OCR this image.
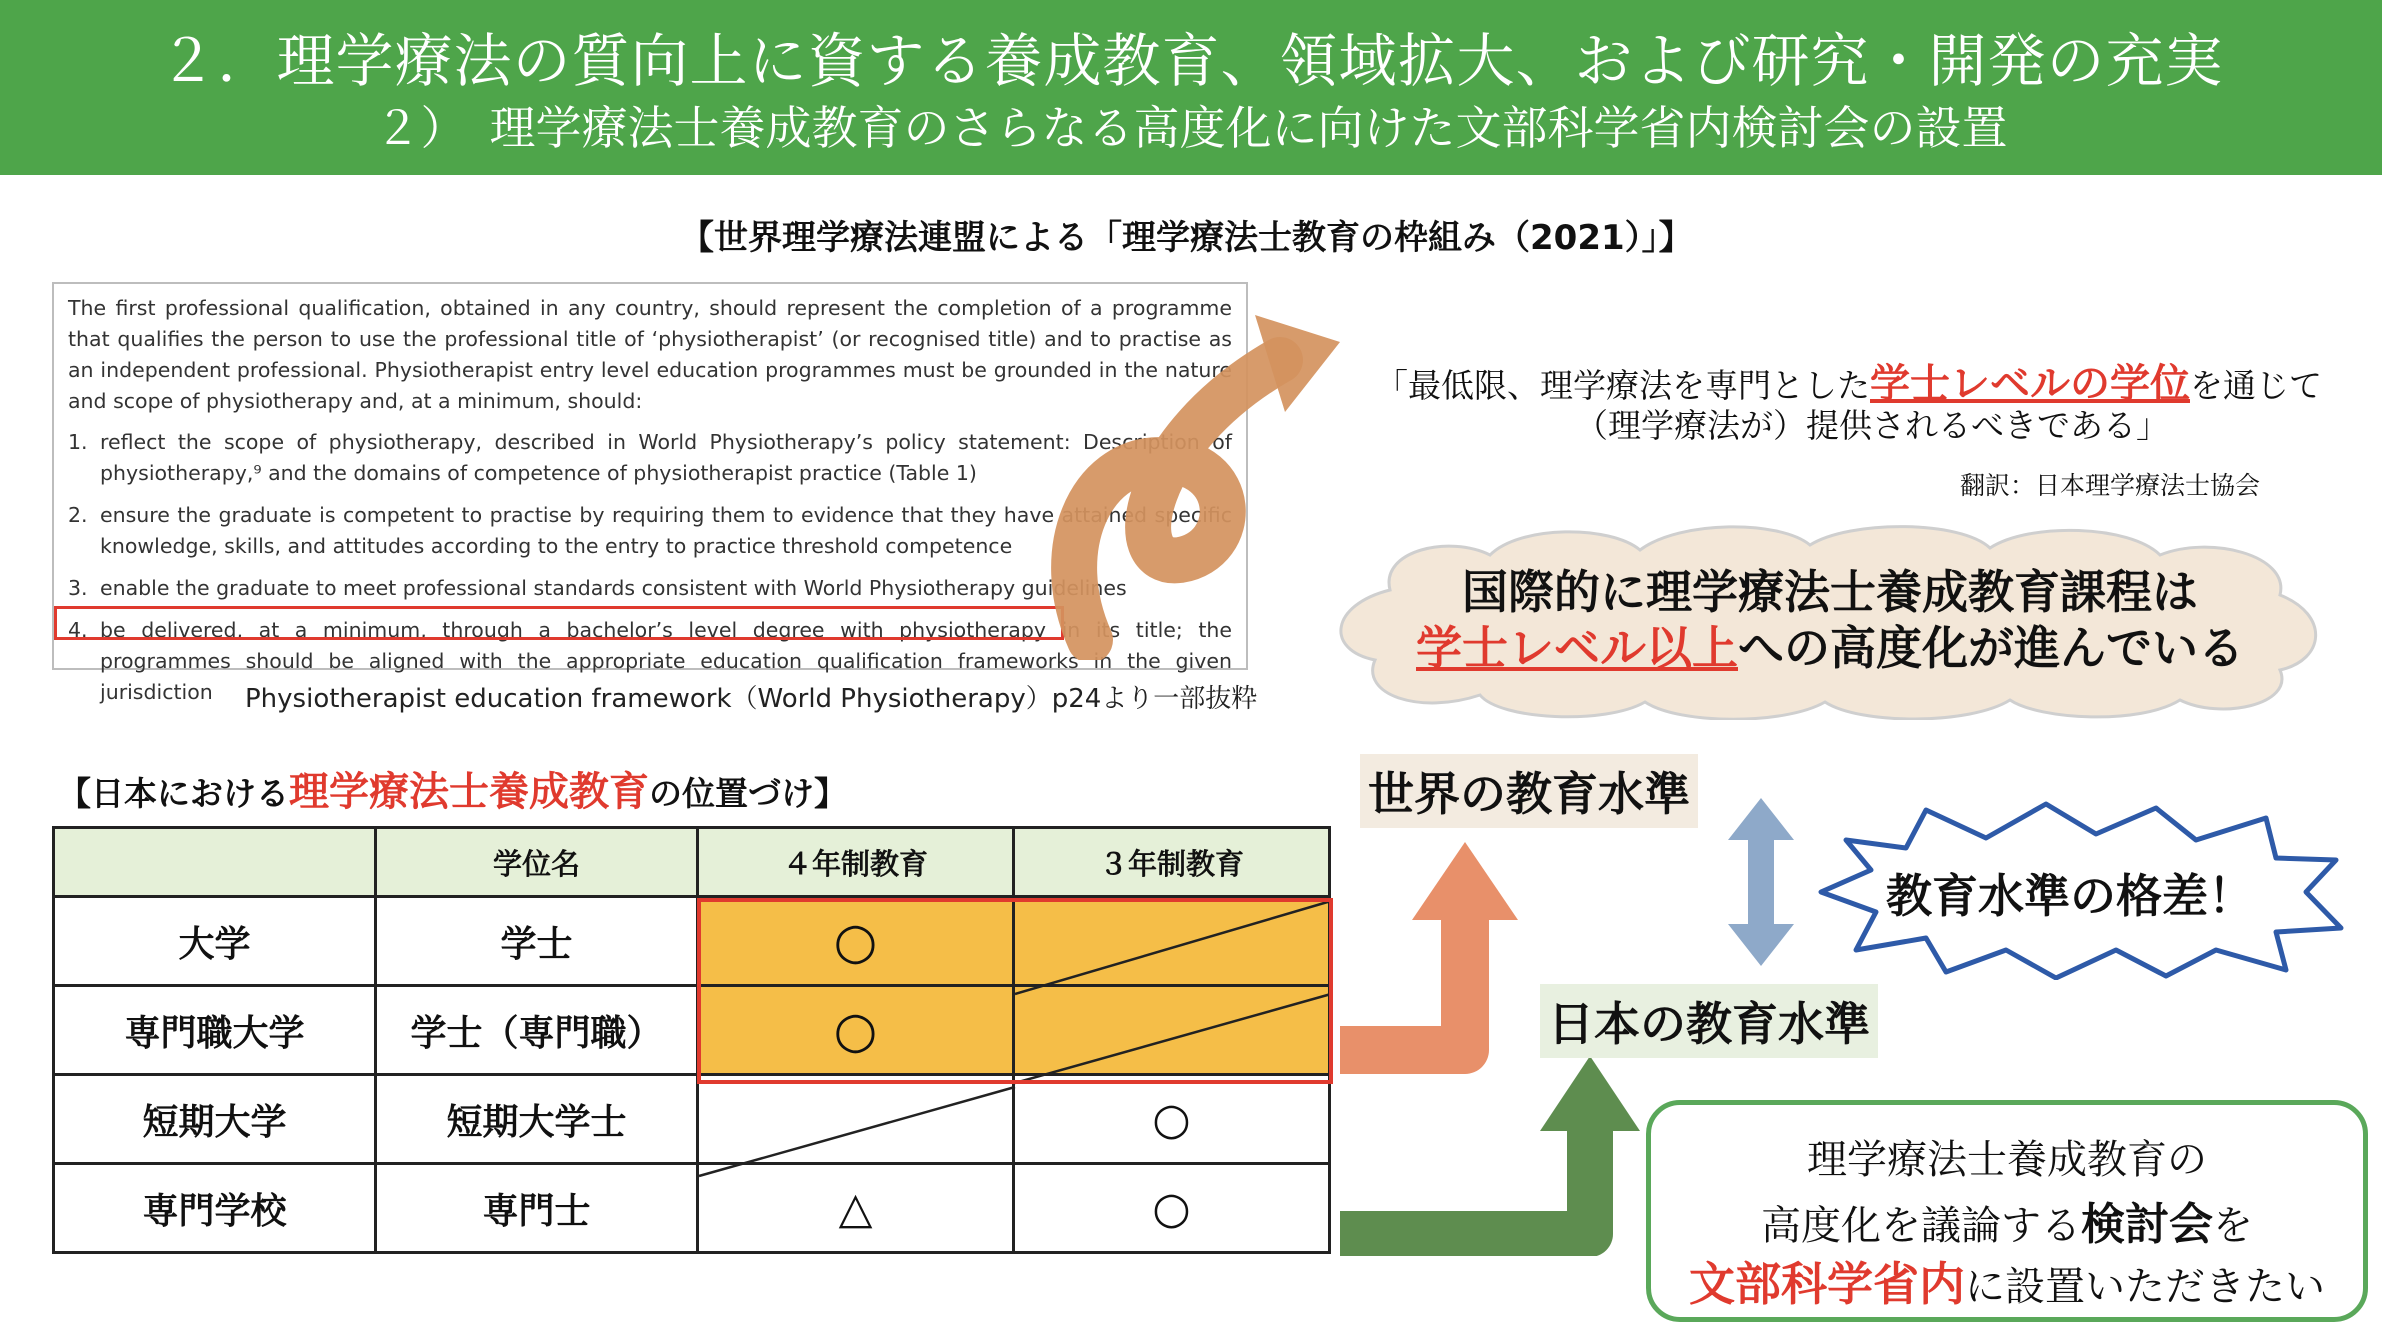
２．理学療法の質向上に資する養成教育、領域拡大、および研究・開発の充実
２）　理学療法士養成教育のさらなる高度化に向けた文部科学省内検討会の設置
【世界理学療法連盟による「理学療法士教育の枠組み（2021）」】

The first professional qualification, obtained in any country, should represent the completion of a programme that qualifies the person to use the professional title of ‘physiotherapist’ (or recognised title) and to practise as an independent professional. Physiotherapist entry level education programmes must be grounded in the nature and scope of physiotherapy and, at a minimum, should:

1. reflect the scope of physiotherapy, described in World Physiotherapy’s policy statement: Description of physiotherapy,⁹ and the domains of competence of physiotherapist practice (Table 1)
2. ensure the graduate is competent to practise by requiring them to evidence that they have attained specific knowledge, skills, and attitudes according to the entry to practice threshold competence
3. enable the graduate to meet professional standards consistent with World Physiotherapy guidelines
4. be delivered, at a minimum, through a bachelor’s level degree with physiotherapy in its title; the programmes should be aligned with the appropriate education qualification frameworks in the given jurisdiction	Physiotherapist education framework（World Physiotherapy）p24より一部抜粋
「最低限、理学療法を専門とした学士レベルの学位を通じて
（理学療法が）提供されるべきである」
翻訳：日本理学療法士協会
国際的に理学療法士養成教育課程は
学士レベル以上への高度化が進んでいる
【日本における理学療法士養成教育の位置づけ】
	学位名	４年制教育	３年制教育
大学	学士	○	
専門職大学	学士（専門職）	○	
短期大学	短期大学士		○
専門学校	専門士	△	○
世界の教育水準
日本の教育水準
教育水準の格差！
理学療法士養成教育の
高度化を議論する検討会を
文部科学省内に設置いただきたい
